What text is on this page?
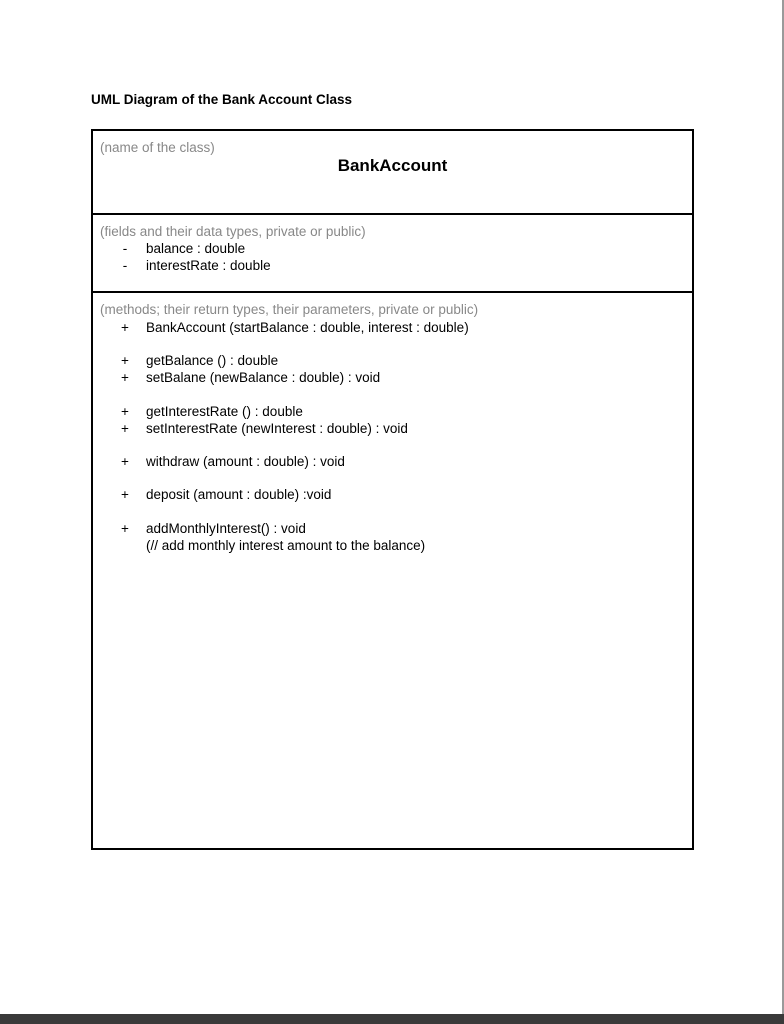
UML Diagram of the Bank Account Class
(name of the class)
BankAccount
(fields and their data types, private or public)
- balance : double
- interestRate : double
(methods; their return types, their parameters, private or public)
+ BankAccount (startBalance : double, interest : double)
+ getBalance () : double
+ setBalane (newBalance : double) : void
+ getInterestRate () : double
+ setInterestRate (newInterest : double) : void
+ withdraw (amount : double) : void
+ deposit (amount : double) :void
+ addMonthlyInterest() : void
(// add monthly interest amount to the balance)
